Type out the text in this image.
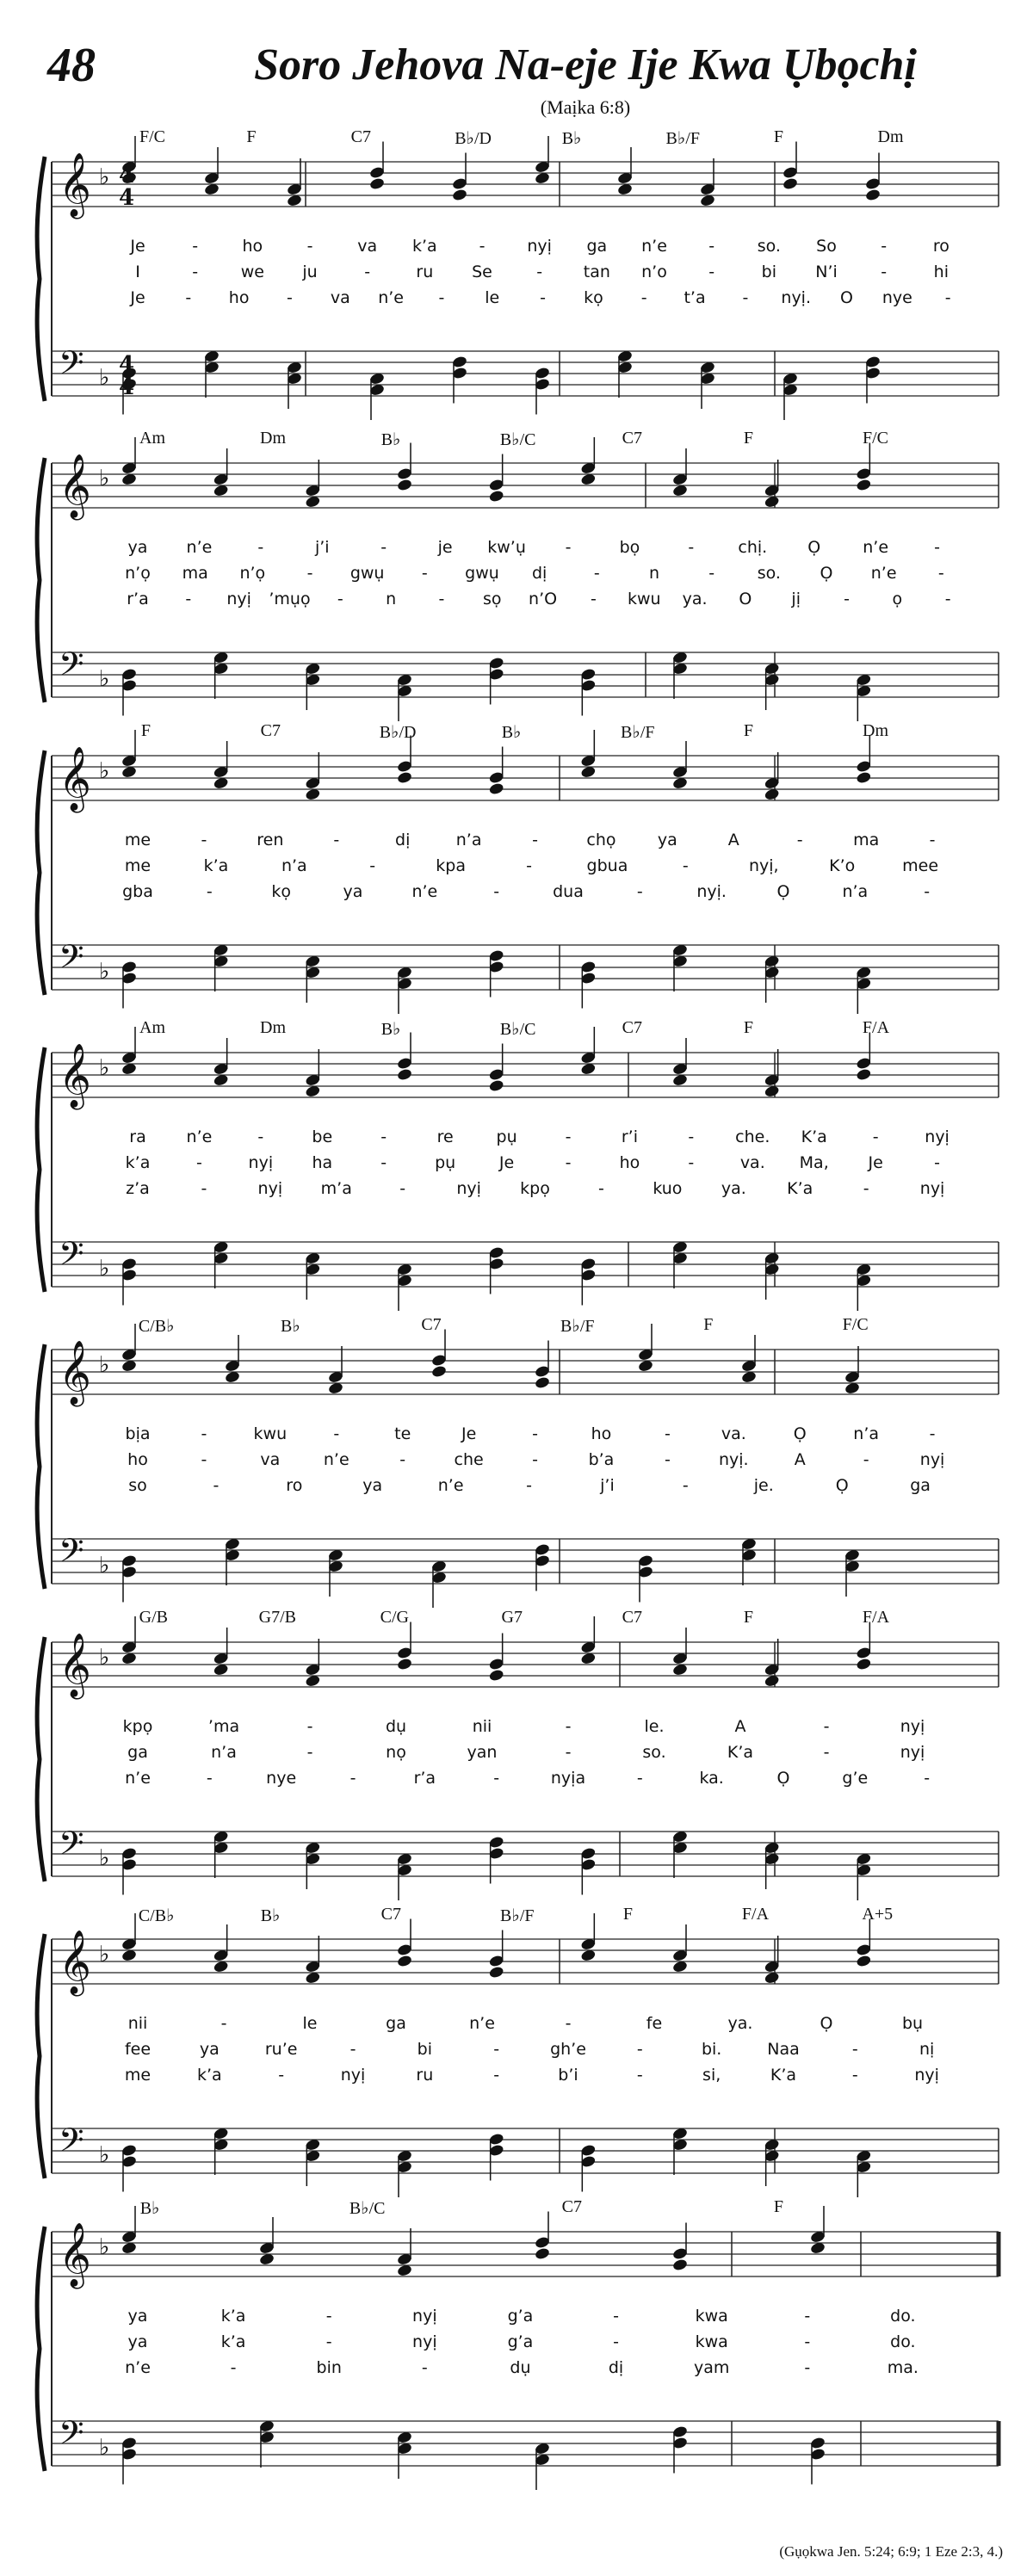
48	Soro Jehova Na-eje Ije Kwa Ụbọchị
(Maịka 6:8)
𝄞 ♭
𝄢 ♭
4
4
4
4
F/C	F	C7	B♭/D	B♭	B♭/F	F	Dm
Je	-	ho	-	va k’a	-	nyị ga n’e	-	so. So	-	ro
I	-	we ju	-	ru Se	-	tan n’o	-	bi N’i	-	hi
Je - ho - va n’e - le - kọ - t’a - nyị. O nye -
𝄞 ♭
𝄢 ♭
Am	Dm	B♭	B♭/C	C7	F	F/C
ya n’e	-	j’i	-	je kw’ụ -	bọ	-	chị. Ọ	n’e	-
n’ọ ma n’ọ	- gwụ - gwụ dị	-	n	-	so. Ọ n’e	-
r’a - nyị ’mụọ -	n	- sọ n’O - kwu ya. O jị	-	ọ	-
𝄞 ♭
𝄢 ♭
F	C7	B♭/D	B♭	B♭/F	F	Dm
me	-	ren	-	dị	n’a	-	chọ	ya	A	-	ma	-
me	k’a	n’a	-	kpa	-	gbua	-	nyị,	K’o	mee
gba	-	kọ	ya	n’e	-	dua	-	nyị.	Ọ	n’a	-
𝄞 ♭
𝄢 ♭
Am	Dm	B♭	B♭/C	C7	F	F/A
ra n’e	-	be	-	re	pụ	-	r’i	-	che. K’a	-	nyị
k’a	-	nyị ha	-	pụ	Je	-	ho	-	va. Ma, Je	-
z’a	-	nyị m’a	-	nyị kpọ	-	kuo ya. K’a	-	nyị
𝄞 ♭
𝄢 ♭
C/B♭	B♭	C7	B♭/F	F	F/C
bịa	-	kwu	-	te	Je	-	ho	-	va.	Ọ	n’a	-
ho	-	va	n’e	-	che	-	b’a	-	nyị.	A	-	nyị
so	-	ro	ya	n’e	-	j’i	-	je.	Ọ	ga
𝄞 ♭
𝄢 ♭
G/B	G7/B	C/G	G7	C7	F	F/A
kpọ	’ma	-	dụ	nii	-	le.	A	-	nyị
ga	n’a	-	nọ	yan	-	so.	K’a	-	nyị
n’e	-	nye	-	r’a	-	nyịa	-	ka.	Ọ	g’e	-
𝄞 ♭
𝄢 ♭
C/B♭	B♭	C7	B♭/F	F	F/A	A+5
nii	-	le	ga	n’e	-	fe	ya.	Ọ	bụ
fee	ya	ru’e	-	bi	-	gh’e	-	bi.	Naa	-	nị
me	k’a	-	nyị	ru	-	b’i	-	si,	K’a	-	nyị
𝄞 ♭
𝄢 ♭
B♭	B♭/C	C7	F
ya	k’a	-	nyị	g’a	-	kwa	-	do.
ya	k’a	-	nyị	g’a	-	kwa	-	do.
n’e	-	bin	-	dụ	dị	yam	-	ma.
(Gụọkwa Jen. 5:24; 6:9; 1 Eze 2:3, 4.)
